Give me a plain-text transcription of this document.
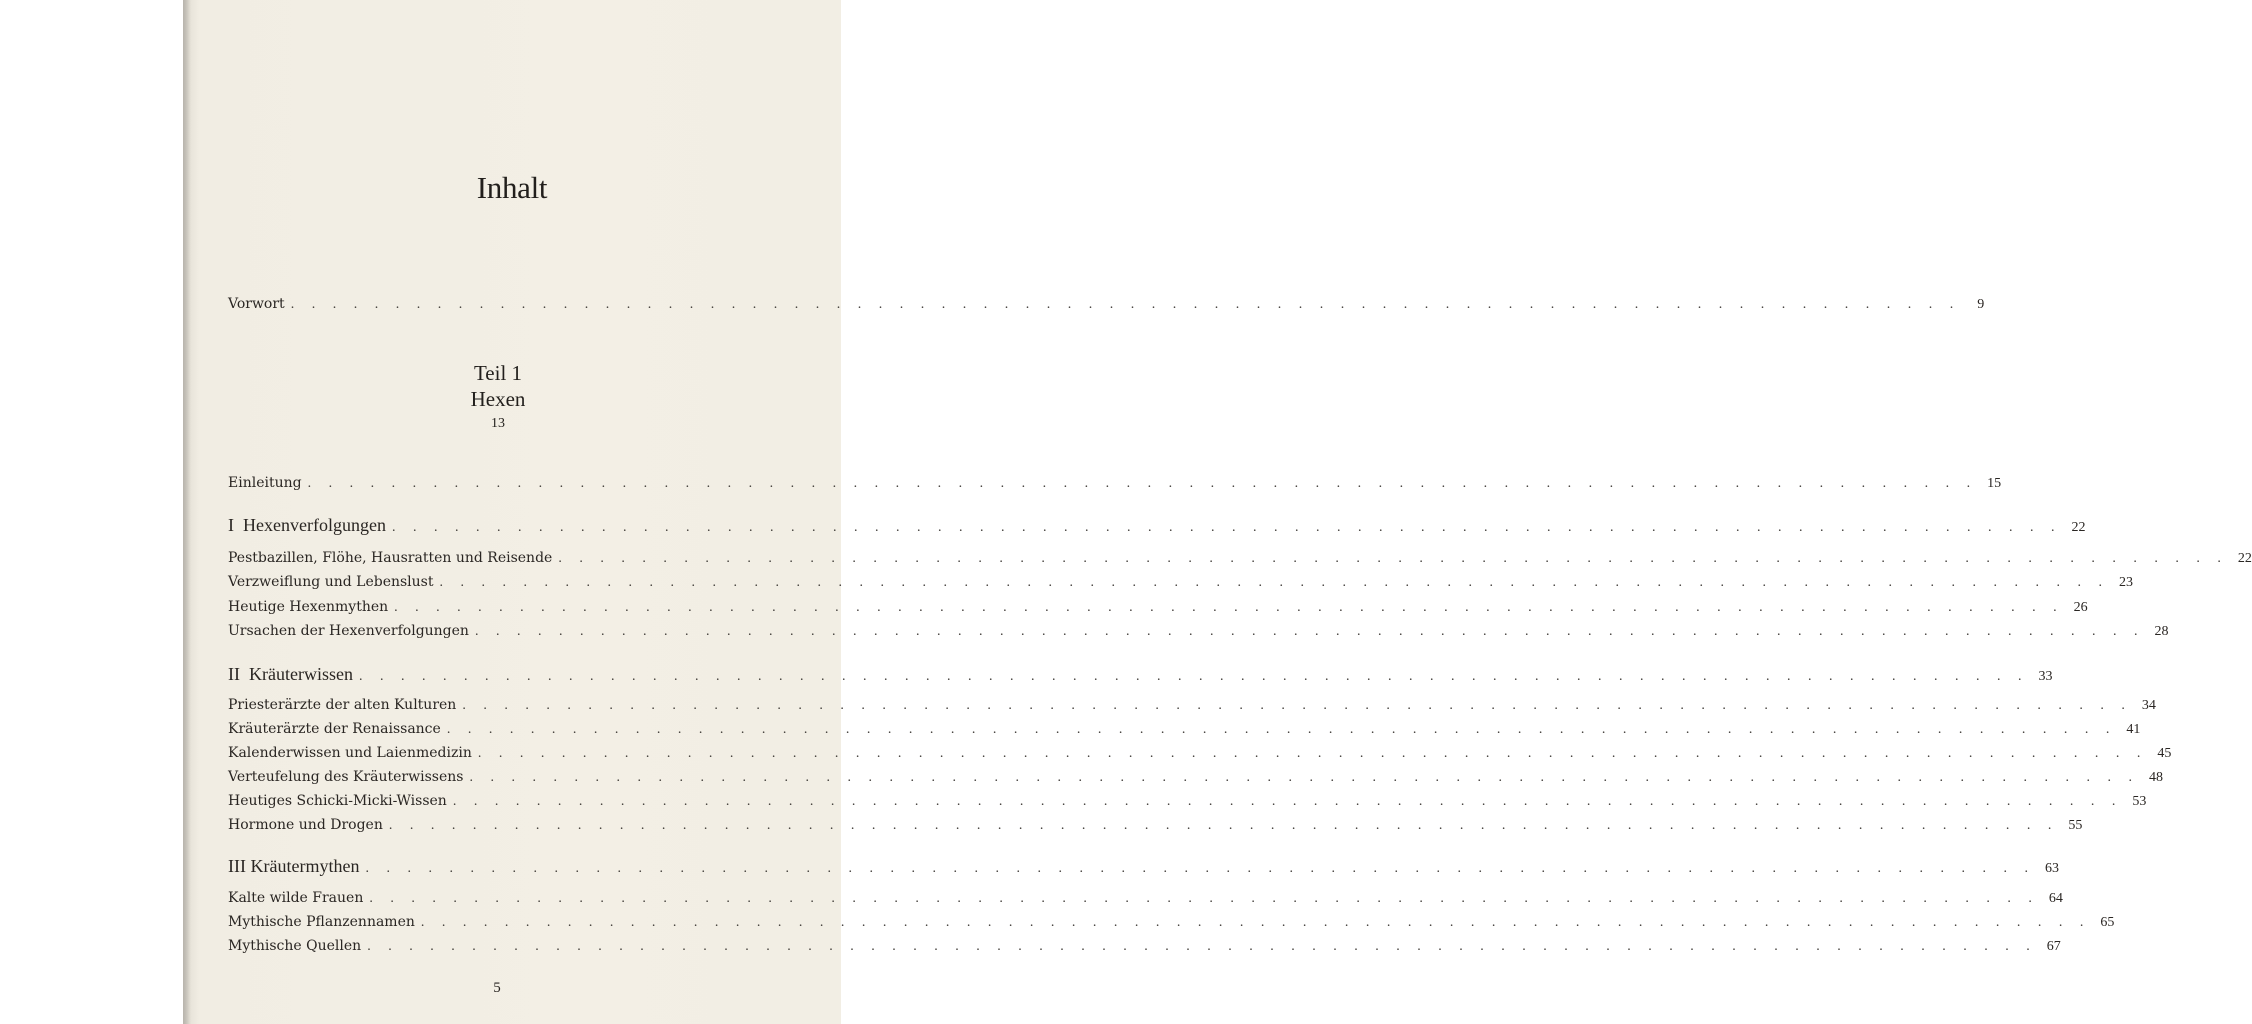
Inhalt
Vorwort . . . . . . . . . . . . . . . . . . . . . . . . . . . . . . . . . . . . . . . . . . . . . . . . . . . . . . . . . . . . . . . . . . . . . . . . . . . . . . . .	9
Teil 1
Hexen
13
Einleitung . . . . . . . . . . . . . . . . . . . . . . . . . . . . . . . . . . . . . . . . . . . . . . . . . . . . . . . . . . . . . . . . . . . . . . . . . . . . . . . . 15
I  Hexenverfolgungen . . . . . . . . . . . . . . . . . . . . . . . . . . . . . . . . . . . . . . . . . . . . . . . . . . . . . . . . . . . . . . . . . . . . . . . . . . . . . . . . 22
Pestbazillen, Flöhe, Hausratten und Reisende . . . . . . . . . . . . . . . . . . . . . . . . . . . . . . . . . . . . . . . . . . . . . . . . . . . . . . . . . . . . . . . . . . . . . . . . . . . . . . . . 22
Verzweiflung und Lebenslust . . . . . . . . . . . . . . . . . . . . . . . . . . . . . . . . . . . . . . . . . . . . . . . . . . . . . . . . . . . . . . . . . . . . . . . . . . . . . . . . 23
Heutige Hexenmythen . . . . . . . . . . . . . . . . . . . . . . . . . . . . . . . . . . . . . . . . . . . . . . . . . . . . . . . . . . . . . . . . . . . . . . . . . . . . . . . . 26
Ursachen der Hexenverfolgungen . . . . . . . . . . . . . . . . . . . . . . . . . . . . . . . . . . . . . . . . . . . . . . . . . . . . . . . . . . . . . . . . . . . . . . . . . . . . . . . . 28
II  Kräuterwissen . . . . . . . . . . . . . . . . . . . . . . . . . . . . . . . . . . . . . . . . . . . . . . . . . . . . . . . . . . . . . . . . . . . . . . . . . . . . . . . . 33
Priesterärzte der alten Kulturen . . . . . . . . . . . . . . . . . . . . . . . . . . . . . . . . . . . . . . . . . . . . . . . . . . . . . . . . . . . . . . . . . . . . . . . . . . . . . . . . 34
Kräuterärzte der Renaissance . . . . . . . . . . . . . . . . . . . . . . . . . . . . . . . . . . . . . . . . . . . . . . . . . . . . . . . . . . . . . . . . . . . . . . . . . . . . . . . . 41
Kalenderwissen und Laienmedizin . . . . . . . . . . . . . . . . . . . . . . . . . . . . . . . . . . . . . . . . . . . . . . . . . . . . . . . . . . . . . . . . . . . . . . . . . . . . . . . . 45
Verteufelung des Kräuterwissens . . . . . . . . . . . . . . . . . . . . . . . . . . . . . . . . . . . . . . . . . . . . . . . . . . . . . . . . . . . . . . . . . . . . . . . . . . . . . . . . 48
Heutiges Schicki-Micki-Wissen . . . . . . . . . . . . . . . . . . . . . . . . . . . . . . . . . . . . . . . . . . . . . . . . . . . . . . . . . . . . . . . . . . . . . . . . . . . . . . . . 53
Hormone und Drogen . . . . . . . . . . . . . . . . . . . . . . . . . . . . . . . . . . . . . . . . . . . . . . . . . . . . . . . . . . . . . . . . . . . . . . . . . . . . . . . . 55
III Kräutermythen . . . . . . . . . . . . . . . . . . . . . . . . . . . . . . . . . . . . . . . . . . . . . . . . . . . . . . . . . . . . . . . . . . . . . . . . . . . . . . . . 63
Kalte wilde Frauen . . . . . . . . . . . . . . . . . . . . . . . . . . . . . . . . . . . . . . . . . . . . . . . . . . . . . . . . . . . . . . . . . . . . . . . . . . . . . . . . 64
Mythische Pflanzennamen . . . . . . . . . . . . . . . . . . . . . . . . . . . . . . . . . . . . . . . . . . . . . . . . . . . . . . . . . . . . . . . . . . . . . . . . . . . . . . . . 65
Mythische Quellen . . . . . . . . . . . . . . . . . . . . . . . . . . . . . . . . . . . . . . . . . . . . . . . . . . . . . . . . . . . . . . . . . . . . . . . . . . . . . . . . 67
5
